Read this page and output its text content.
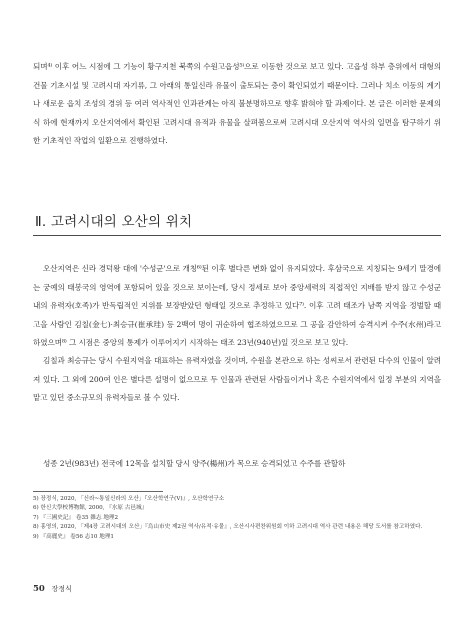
되며⁴⁾ 이후 어느 시점에 그 기능이 황구지천 북쪽의 수원고읍성⁵⁾으로 이동한 것으로 보고 있다. 고읍성 하부 층위에서 대형의 건물 기초시설 및 고려시대 자기류, 그 아래의 통일신라 유물이 출토되는 층이 확인되었기 때문이다. 그러나 치소 이동의 계기나 새로운 읍치 조성의 경위 등 여러 역사적인 인과관계는 아직 불분명하므로 향후 밝혀야 할 과제이다. 본 글은 이러한 문제의식 하에 현재까지 오산지역에서 확인된 고려시대 유적과 유물을 살펴봄으로써 고려시대 오산지역 역사의 일면을 탐구하기 위한 기초적인 작업의 일환으로 진행하였다.

Ⅱ. 고려시대의 오산의 위치

오산지역은 신라 경덕왕 대에 '수성군'으로 개칭⁶⁾된 이후 별다른 변화 없이 유지되었다. 후삼국으로 지칭되는 9세기 말경에는 궁예의 태봉국의 영역에 포함되어 있을 것으로 보이는데, 당시 정세로 보아 중앙세력의 직접적인 지배를 받지 않고 수성군 내의 유력자(호족)가 반독립적인 지위를 보장받았던 형태일 것으로 추정하고 있다⁷⁾. 이후 고려 태조가 남쪽 지역을 정벌할 때 고을 사람인 김칠(金七)·최승규(崔承珪) 등 2백여 명이 귀순하여 협조하였으므로 그 공을 감안하여 승격시켜 수주(水州)라고 하였으며⁸⁾ 그 시점은 중앙의 통제가 이루어지기 시작하는 태조 23년(940년)일 것으로 보고 있다.

김칠과 최승규는 당시 수원지역을 대표하는 유력자였을 것이며, 수원을 본관으로 하는 성씨로서 관련된 다수의 인물이 알려져 있다. 그 외에 200여 인은 별다른 설명이 없으므로 두 인물과 관련된 사람들이거나 혹은 수원지역에서 일정 부분의 지역을 맡고 있던 중소규모의 유력자들로 볼 수 있다.

성종 2년(983년) 전국에 12목을 설치할 당시 양주(楊州)가 목으로 승격되었고 수주를 관할하

5) 장정식, 2020, 「신라~통일신라의 오산」『오산학연구(Ⅴ)』, 오산학연구소
6) 한신大學校博物館, 2000, 『水原 古邑城』
7) 『三國史記』 卷35 雜志 地理2
8) 홍영의, 2020, 「제4장 고려시대의 오산」『烏山市史 제2권 역사/유적·유물』, 오산시사편찬위원회 이하 고려시대 역사 관련 내용은 해당 도서를 참고하였다.
9) 『高麗史』 卷56 志10 地理1
50 장정식
